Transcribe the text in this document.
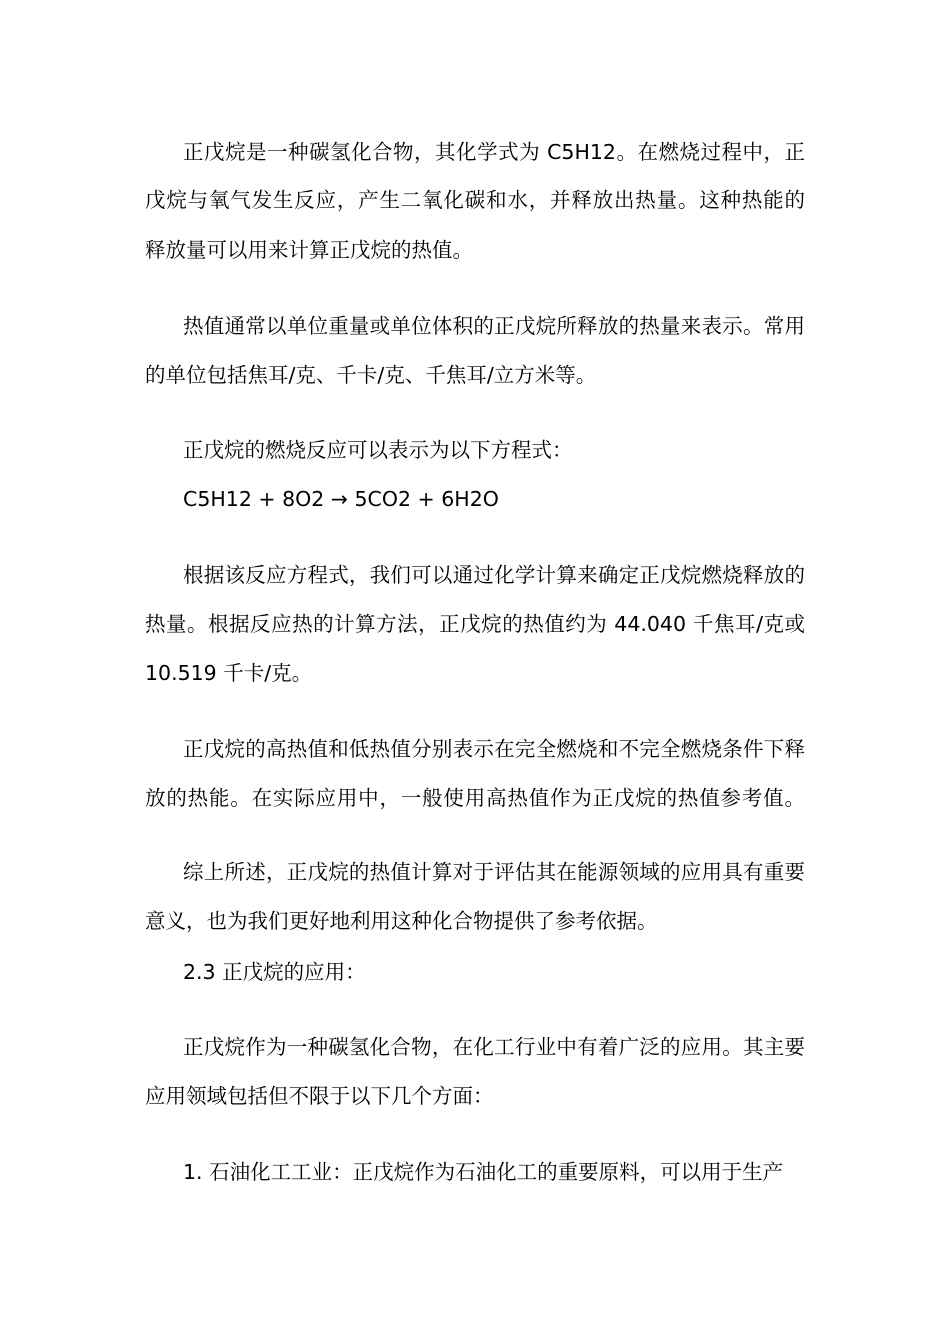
正戊烷是一种碳氢化合物，其化学式为 C5H12。在燃烧过程中，正
戊烷与氧气发生反应，产生二氧化碳和水，并释放出热量。这种热能的
释放量可以用来计算正戊烷的热值。
热值通常以单位重量或单位体积的正戊烷所释放的热量来表示。常用
的单位包括焦耳/克、千卡/克、千焦耳/立方米等。
正戊烷的燃烧反应可以表示为以下方程式：
C5H12 + 8O2 → 5CO2 + 6H2O
根据该反应方程式，我们可以通过化学计算来确定正戊烷燃烧释放的
热量。根据反应热的计算方法，正戊烷的热值约为 44.040 千焦耳/克或
10.519 千卡/克。
正戊烷的高热值和低热值分别表示在完全燃烧和不完全燃烧条件下释
放的热能。在实际应用中，一般使用高热值作为正戊烷的热值参考值。
综上所述，正戊烷的热值计算对于评估其在能源领域的应用具有重要
意义，也为我们更好地利用这种化合物提供了参考依据。
2.3 正戊烷的应用：
正戊烷作为一种碳氢化合物，在化工行业中有着广泛的应用。其主要
应用领域包括但不限于以下几个方面：
1. 石油化工工业：正戊烷作为石油化工的重要原料，可以用于生产
